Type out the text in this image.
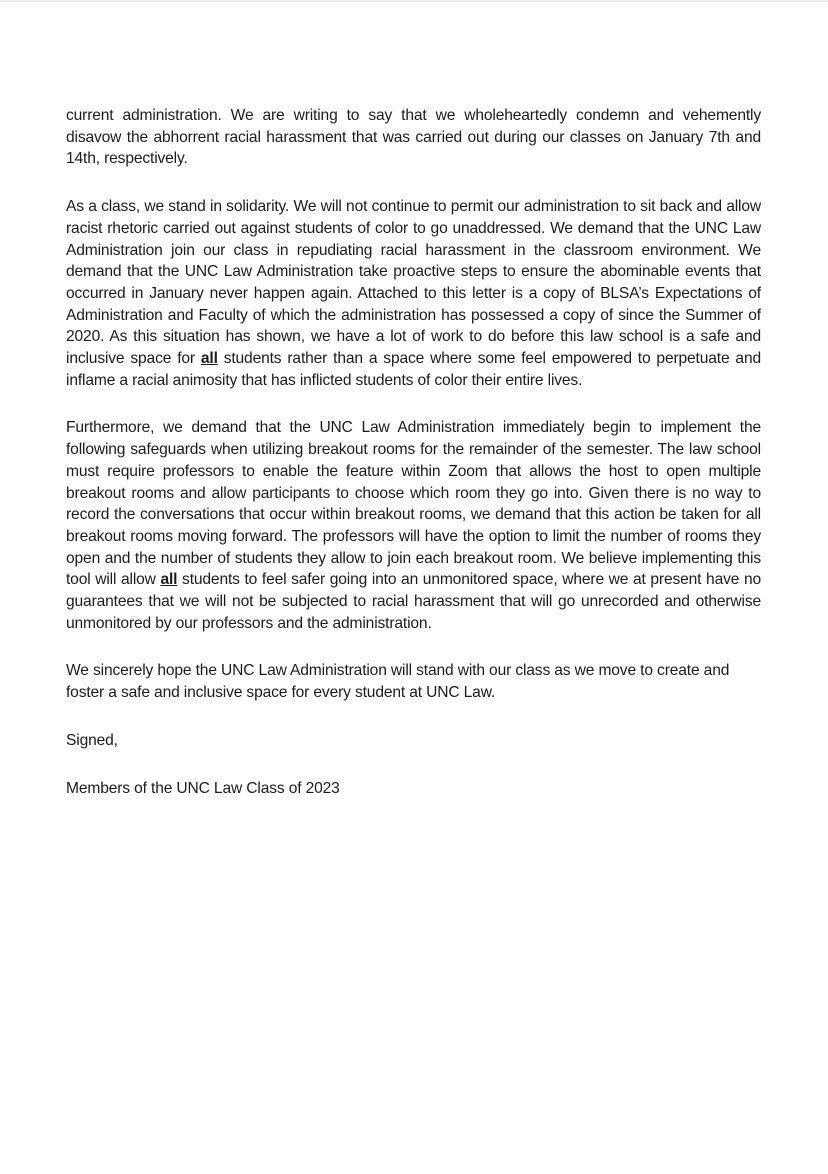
current administration. We are writing to say that we wholeheartedly condemn and vehemently disavow the abhorrent racial harassment that was carried out during our classes on January 7th and 14th, respectively.

As a class, we stand in solidarity. We will not continue to permit our administration to sit back and allow racist rhetoric carried out against students of color to go unaddressed. We demand that the UNC Law Administration join our class in repudiating racial harassment in the classroom environment. We demand that the UNC Law Administration take proactive steps to ensure the abominable events that occurred in January never happen again. Attached to this letter is a copy of BLSA’s Expectations of Administration and Faculty of which the administration has possessed a copy of since the Summer of 2020. As this situation has shown, we have a lot of work to do before this law school is a safe and inclusive space for all students rather than a space where some feel empowered to perpetuate and inflame a racial animosity that has inflicted students of color their entire lives.

Furthermore, we demand that the UNC Law Administration immediately begin to implement the following safeguards when utilizing breakout rooms for the remainder of the semester. The law school must require professors to enable the feature within Zoom that allows the host to open multiple breakout rooms and allow participants to choose which room they go into. Given there is no way to record the conversations that occur within breakout rooms, we demand that this action be taken for all breakout rooms moving forward. The professors will have the option to limit the number of rooms they open and the number of students they allow to join each breakout room. We believe implementing this tool will allow all students to feel safer going into an unmonitored space, where we at present have no guarantees that we will not be subjected to racial harassment that will go unrecorded and otherwise unmonitored by our professors and the administration.

We sincerely hope the UNC Law Administration will stand with our class as we move to create and foster a safe and inclusive space for every student at UNC Law.

Signed,

Members of the UNC Law Class of 2023
